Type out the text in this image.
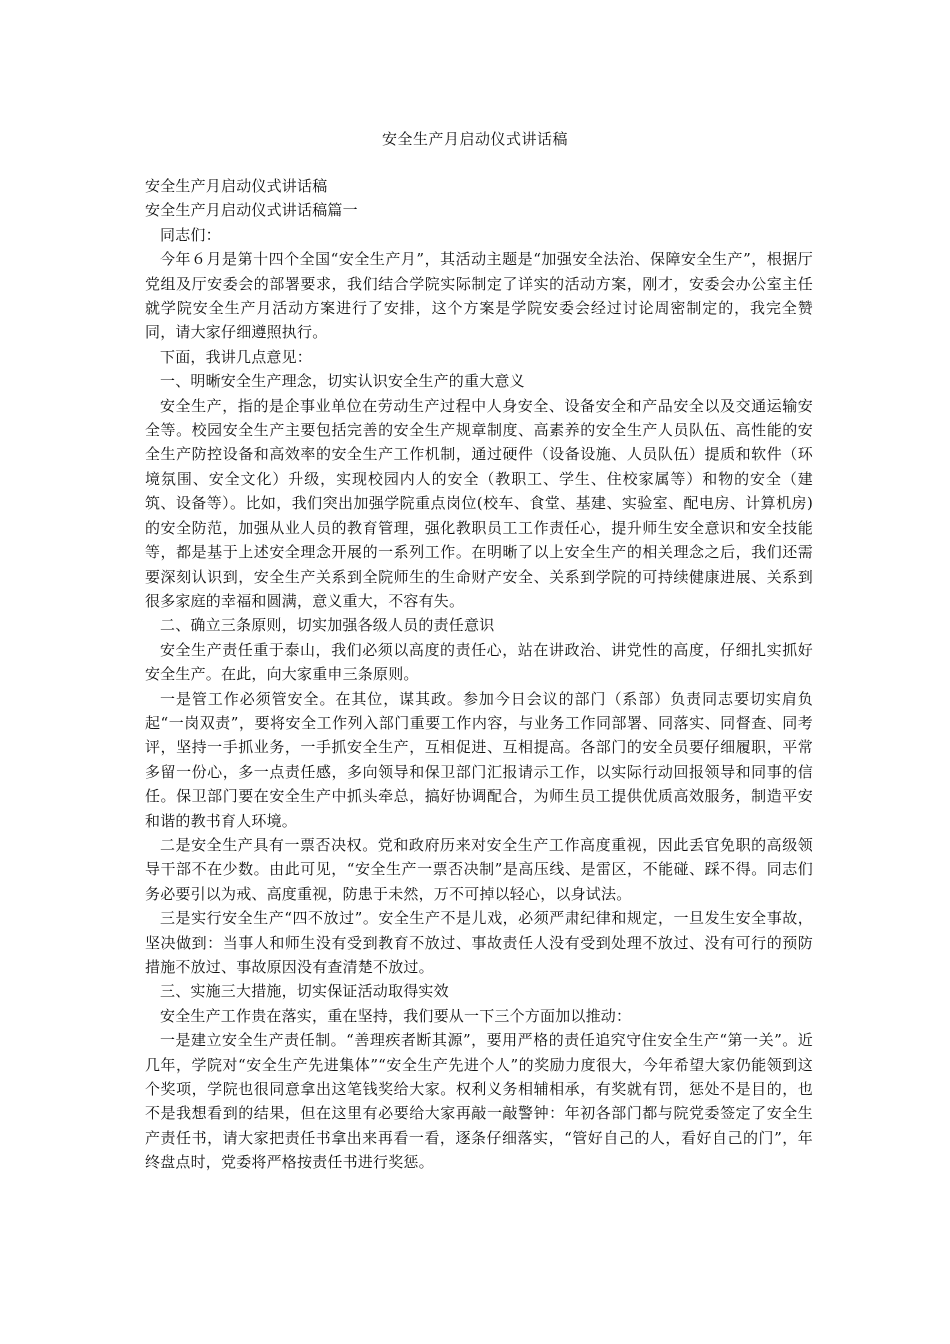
安全生产月启动仪式讲话稿

安全生产月启动仪式讲话稿

安全生产月启动仪式讲话稿篇一

同志们：

今年６月是第十四个全国“安全生产月”，其活动主题是“加强安全法治、保障安全生产”，根据厅党组及厅安委会的部署要求，我们结合学院实际制定了详实的活动方案，刚才，安委会办公室主任就学院安全生产月活动方案进行了安排，这个方案是学院安委会经过讨论周密制定的，我完全赞同，请大家仔细遵照执行。

下面，我讲几点意见：

一、明晰安全生产理念，切实认识安全生产的重大意义

安全生产，指的是企事业单位在劳动生产过程中人身安全、设备安全和产品安全以及交通运输安全等。校园安全生产主要包括完善的安全生产规章制度、高素养的安全生产人员队伍、高性能的安全生产防控设备和高效率的安全生产工作机制，通过硬件（设备设施、人员队伍）提质和软件（环境氛围、安全文化）升级，实现校园内人的安全（教职工、学生、住校家属等）和物的安全（建筑、设备等）。比如，我们突出加强学院重点岗位(校车、食堂、基建、实验室、配电房、计算机房)的安全防范，加强从业人员的教育管理，强化教职员工工作责任心，提升师生安全意识和安全技能等，都是基于上述安全理念开展的一系列工作。在明晰了以上安全生产的相关理念之后，我们还需要深刻认识到，安全生产关系到全院师生的生命财产安全、关系到学院的可持续健康进展、关系到很多家庭的幸福和圆满，意义重大，不容有失。

二、确立三条原则，切实加强各级人员的责任意识

安全生产责任重于泰山，我们必须以高度的责任心，站在讲政治、讲党性的高度，仔细扎实抓好安全生产。在此，向大家重申三条原则。

一是管工作必须管安全。在其位，谋其政。参加今日会议的部门（系部）负责同志要切实肩负起“一岗双责”，要将安全工作列入部门重要工作内容，与业务工作同部署、同落实、同督查、同考评，坚持一手抓业务，一手抓安全生产，互相促进、互相提高。各部门的安全员要仔细履职，平常多留一份心，多一点责任感，多向领导和保卫部门汇报请示工作，以实际行动回报领导和同事的信任。保卫部门要在安全生产中抓头牵总，搞好协调配合，为师生员工提供优质高效服务，制造平安和谐的教书育人环境。

二是安全生产具有一票否决权。党和政府历来对安全生产工作高度重视，因此丢官免职的高级领导干部不在少数。由此可见，“安全生产一票否决制”是高压线、是雷区，不能碰、踩不得。同志们务必要引以为戒、高度重视，防患于未然，万不可掉以轻心，以身试法。

三是实行安全生产“四不放过”。安全生产不是儿戏，必须严肃纪律和规定，一旦发生安全事故，坚决做到：当事人和师生没有受到教育不放过、事故责任人没有受到处理不放过、没有可行的预防措施不放过、事故原因没有查清楚不放过。

三、实施三大措施，切实保证活动取得实效

安全生产工作贵在落实，重在坚持，我们要从一下三个方面加以推动：

一是建立安全生产责任制。“善理疾者断其源”，要用严格的责任追究守住安全生产“第一关”。近几年，学院对“安全生产先进集体”“安全生产先进个人”的奖励力度很大，今年希望大家仍能领到这个奖项，学院也很同意拿出这笔钱奖给大家。权利义务相辅相承，有奖就有罚，惩处不是目的，也不是我想看到的结果，但在这里有必要给大家再敲一敲警钟：年初各部门都与院党委签定了安全生产责任书，请大家把责任书拿出来再看一看，逐条仔细落实，“管好自己的人，看好自己的门”，年终盘点时，党委将严格按责任书进行奖惩。
